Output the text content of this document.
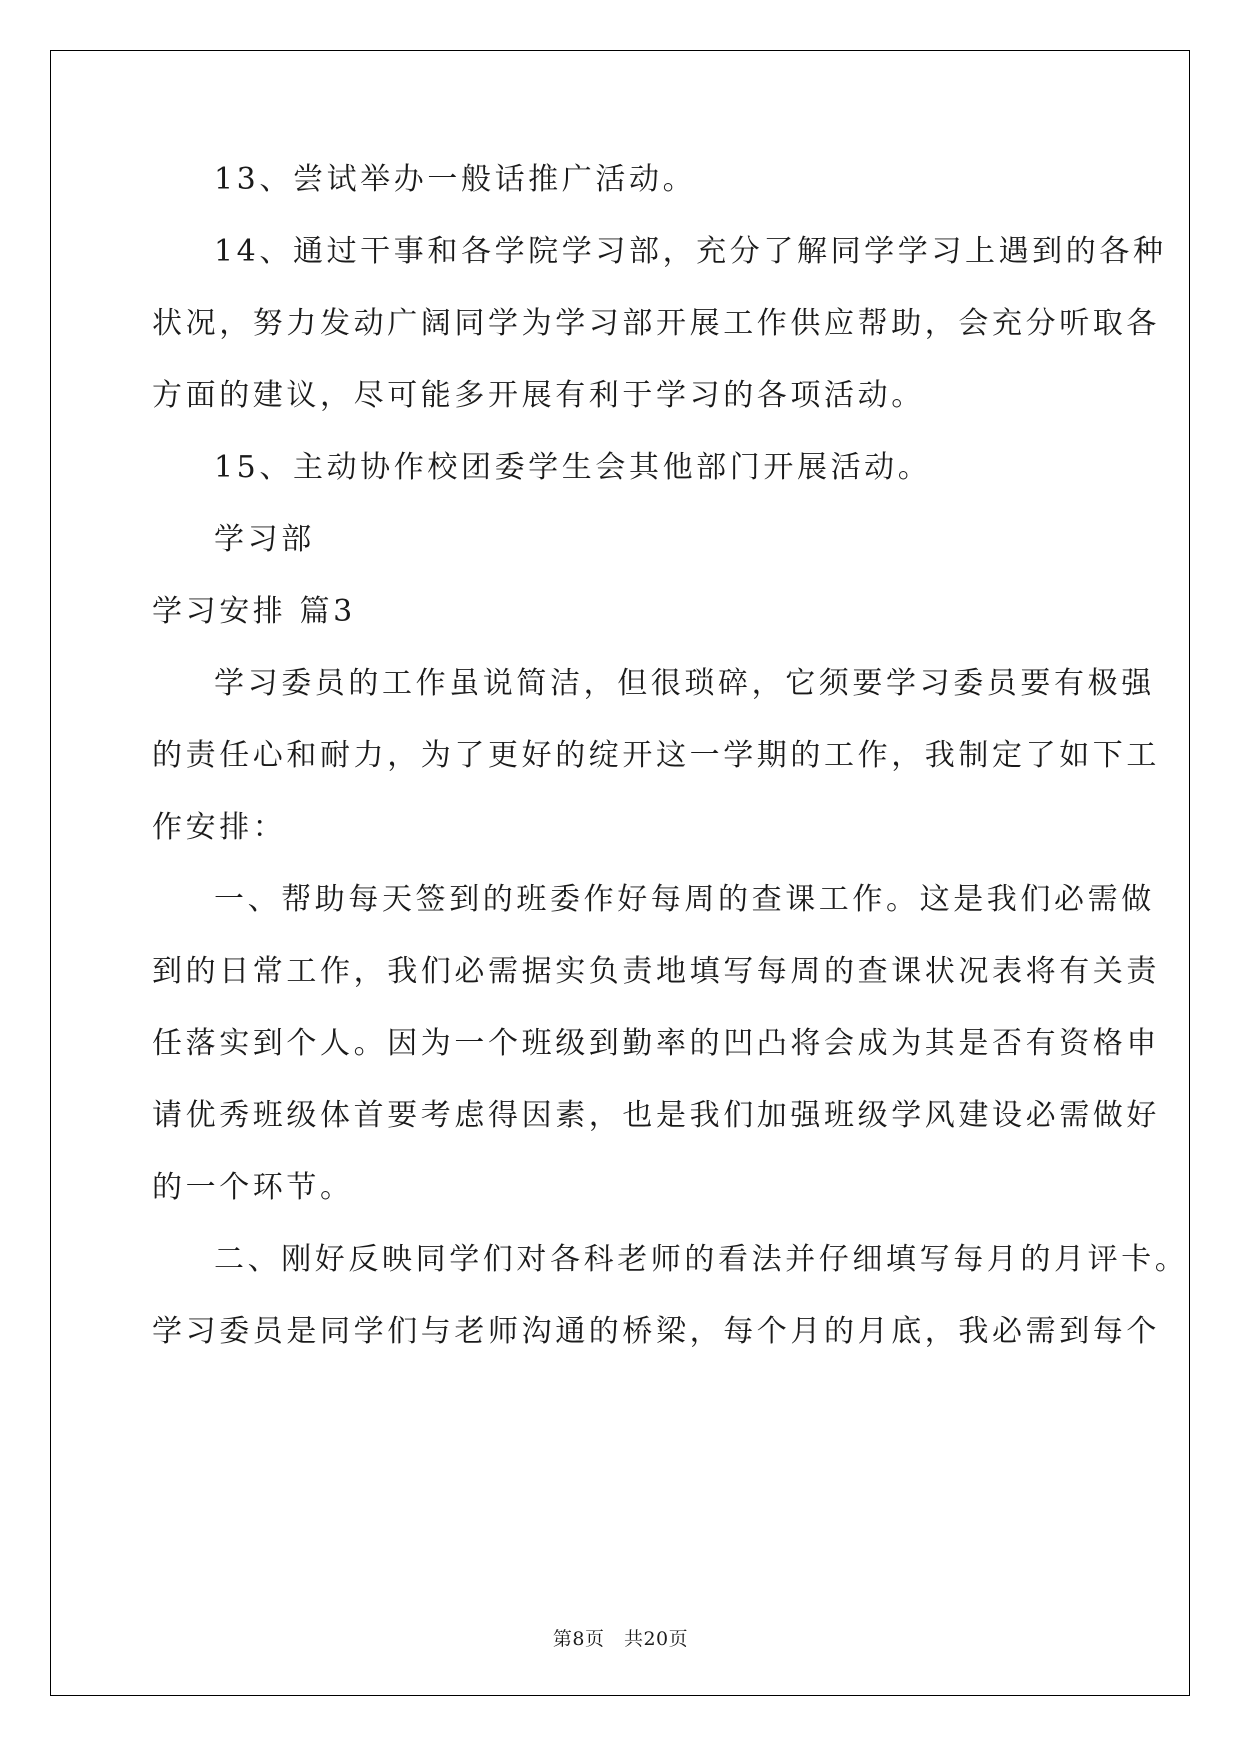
13、尝试举办一般话推广活动。
14、通过干事和各学院学习部，充分了解同学学习上遇到的各种
状况，努力发动广阔同学为学习部开展工作供应帮助，会充分听取各
方面的建议，尽可能多开展有利于学习的各项活动。
15、主动协作校团委学生会其他部门开展活动。
学习部
学习安排 篇3
学习委员的工作虽说简洁，但很琐碎，它须要学习委员要有极强
的责任心和耐力，为了更好的绽开这一学期的工作，我制定了如下工
作安排：
一、帮助每天签到的班委作好每周的查课工作。这是我们必需做
到的日常工作，我们必需据实负责地填写每周的查课状况表将有关责
任落实到个人。因为一个班级到勤率的凹凸将会成为其是否有资格申
请优秀班级体首要考虑得因素，也是我们加强班级学风建设必需做好
的一个环节。
二、刚好反映同学们对各科老师的看法并仔细填写每月的月评卡。
学习委员是同学们与老师沟通的桥梁，每个月的月底，我必需到每个
第8页　共20页
